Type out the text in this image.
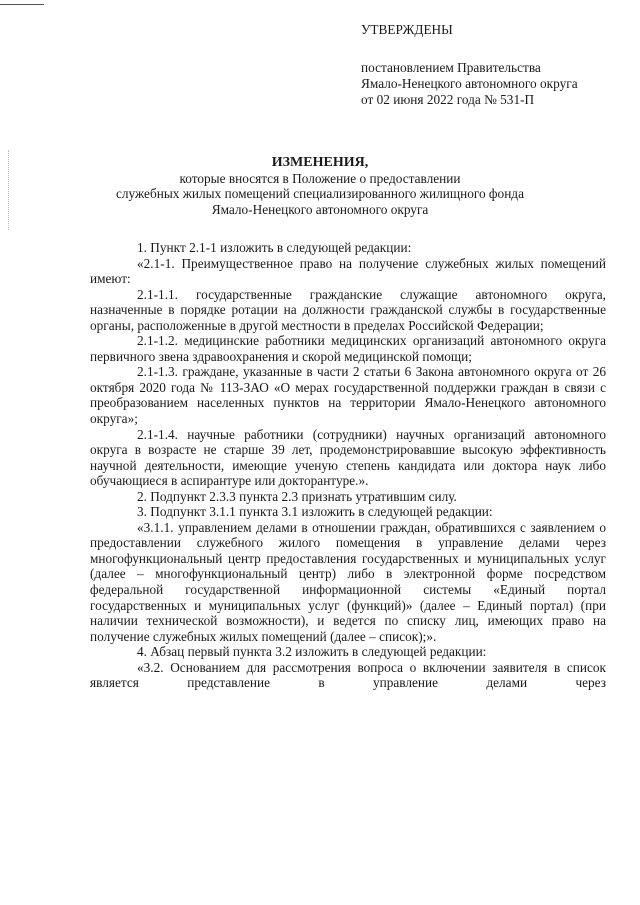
УТВЕРЖДЕНЫ
постановлением Правительства
Ямало-Ненецкого автономного округа
от 02 июня 2022 года № 531-П
ИЗМЕНЕНИЯ,
которые вносятся в Положение о предоставлении
служебных жилых помещений специализированного жилищного фонда
Ямало-Ненецкого автономного округа

1. Пункт 2.1-1 изложить в следующей редакции:

«2.1-1. Преимущественное право на получение служебных жилых помещений имеют:

2.1-1.1. государственные гражданские служащие автономного округа, назначенные в порядке ротации на должности гражданской службы в государственные органы, расположенные в другой местности в пределах Российской Федерации;

2.1-1.2. медицинские работники медицинских организаций автономного округа первичного звена здравоохранения и скорой медицинской помощи;

2.1-1.3. граждане, указанные в части 2 статьи 6 Закона автономного округа от 26 октября 2020 года № 113-ЗАО «О мерах государственной поддержки граждан в связи с преобразованием населенных пунктов на территории Ямало-Ненецкого автономного округа»;

2.1-1.4. научные работники (сотрудники) научных организаций автономного округа в возрасте не старше 39 лет, продемонстрировавшие высокую эффективность научной деятельности, имеющие ученую степень кандидата или доктора наук либо обучающиеся в аспирантуре или докторантуре.».

2. Подпункт 2.3.3 пункта 2.3 признать утратившим силу.

3. Подпункт 3.1.1 пункта 3.1 изложить в следующей редакции:

«3.1.1. управлением делами в отношении граждан, обратившихся с заявлением о предоставлении служебного жилого помещения в управление делами через многофункциональный центр предоставления государственных и муниципальных услуг (далее – многофункциональный центр) либо в электронной форме посредством федеральной государственной информационной системы «Единый портал государственных и муниципальных услуг (функций)» (далее – Единый портал) (при наличии технической возможности), и ведется по списку лиц, имеющих право на получение служебных жилых помещений (далее – список);».

4. Абзац первый пункта 3.2 изложить в следующей редакции:

«3.2. Основанием для рассмотрения вопроса о включении заявителя в список является представление в управление делами через
